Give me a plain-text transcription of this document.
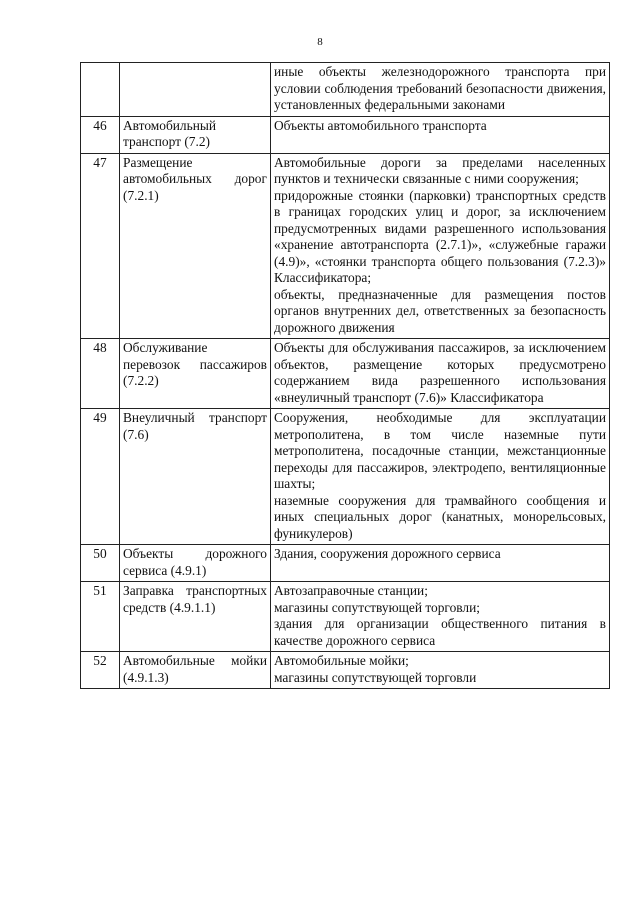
8

		иные объекты железнодорожного транспорта при условии соблюдения требований безопасности движения, установленных федеральными законами

46	Автомобильный транспорт (7.2)	Объекты автомобильного транспорта

47	Размещение автомобильных дорог (7.2.1)	Автомобильные дороги за пределами населенных пунктов и технически связанные с ними сооружения;
придорожные стоянки (парковки) транспортных средств в границах городских улиц и дорог, за исключением предусмотренных видами разрешенного использования «хранение автотранспорта (2.7.1)», «служебные гаражи (4.9)», «стоянки транспорта общего пользования (7.2.3)» Классификатора;
объекты, предназначенные для размещения постов органов внутренних дел, ответственных за безопасность дорожного движения

48	Обслуживание перевозок пассажиров (7.2.2)	Объекты для обслуживания пассажиров, за исключением объектов, размещение которых предусмотрено содержанием вида разрешенного использования «внеуличный транспорт (7.6)» Классификатора

49	Внеуличный транспорт (7.6)	Сооружения, необходимые для эксплуатации метрополитена, в том числе наземные пути метрополитена, посадочные станции, межстанционные переходы для пассажиров, электродепо, вентиляционные шахты;
наземные сооружения для трамвайного сообщения и иных специальных дорог (канатных, монорельсовых, фуникулеров)

50	Объекты дорожного сервиса (4.9.1)	Здания, сооружения дорожного сервиса

51	Заправка транспортных средств (4.9.1.1)	Автозаправочные станции;
магазины сопутствующей торговли;
здания для организации общественного питания в качестве дорожного сервиса

52	Автомобильные мойки (4.9.1.3)	Автомобильные мойки;
магазины сопутствующей торговли
